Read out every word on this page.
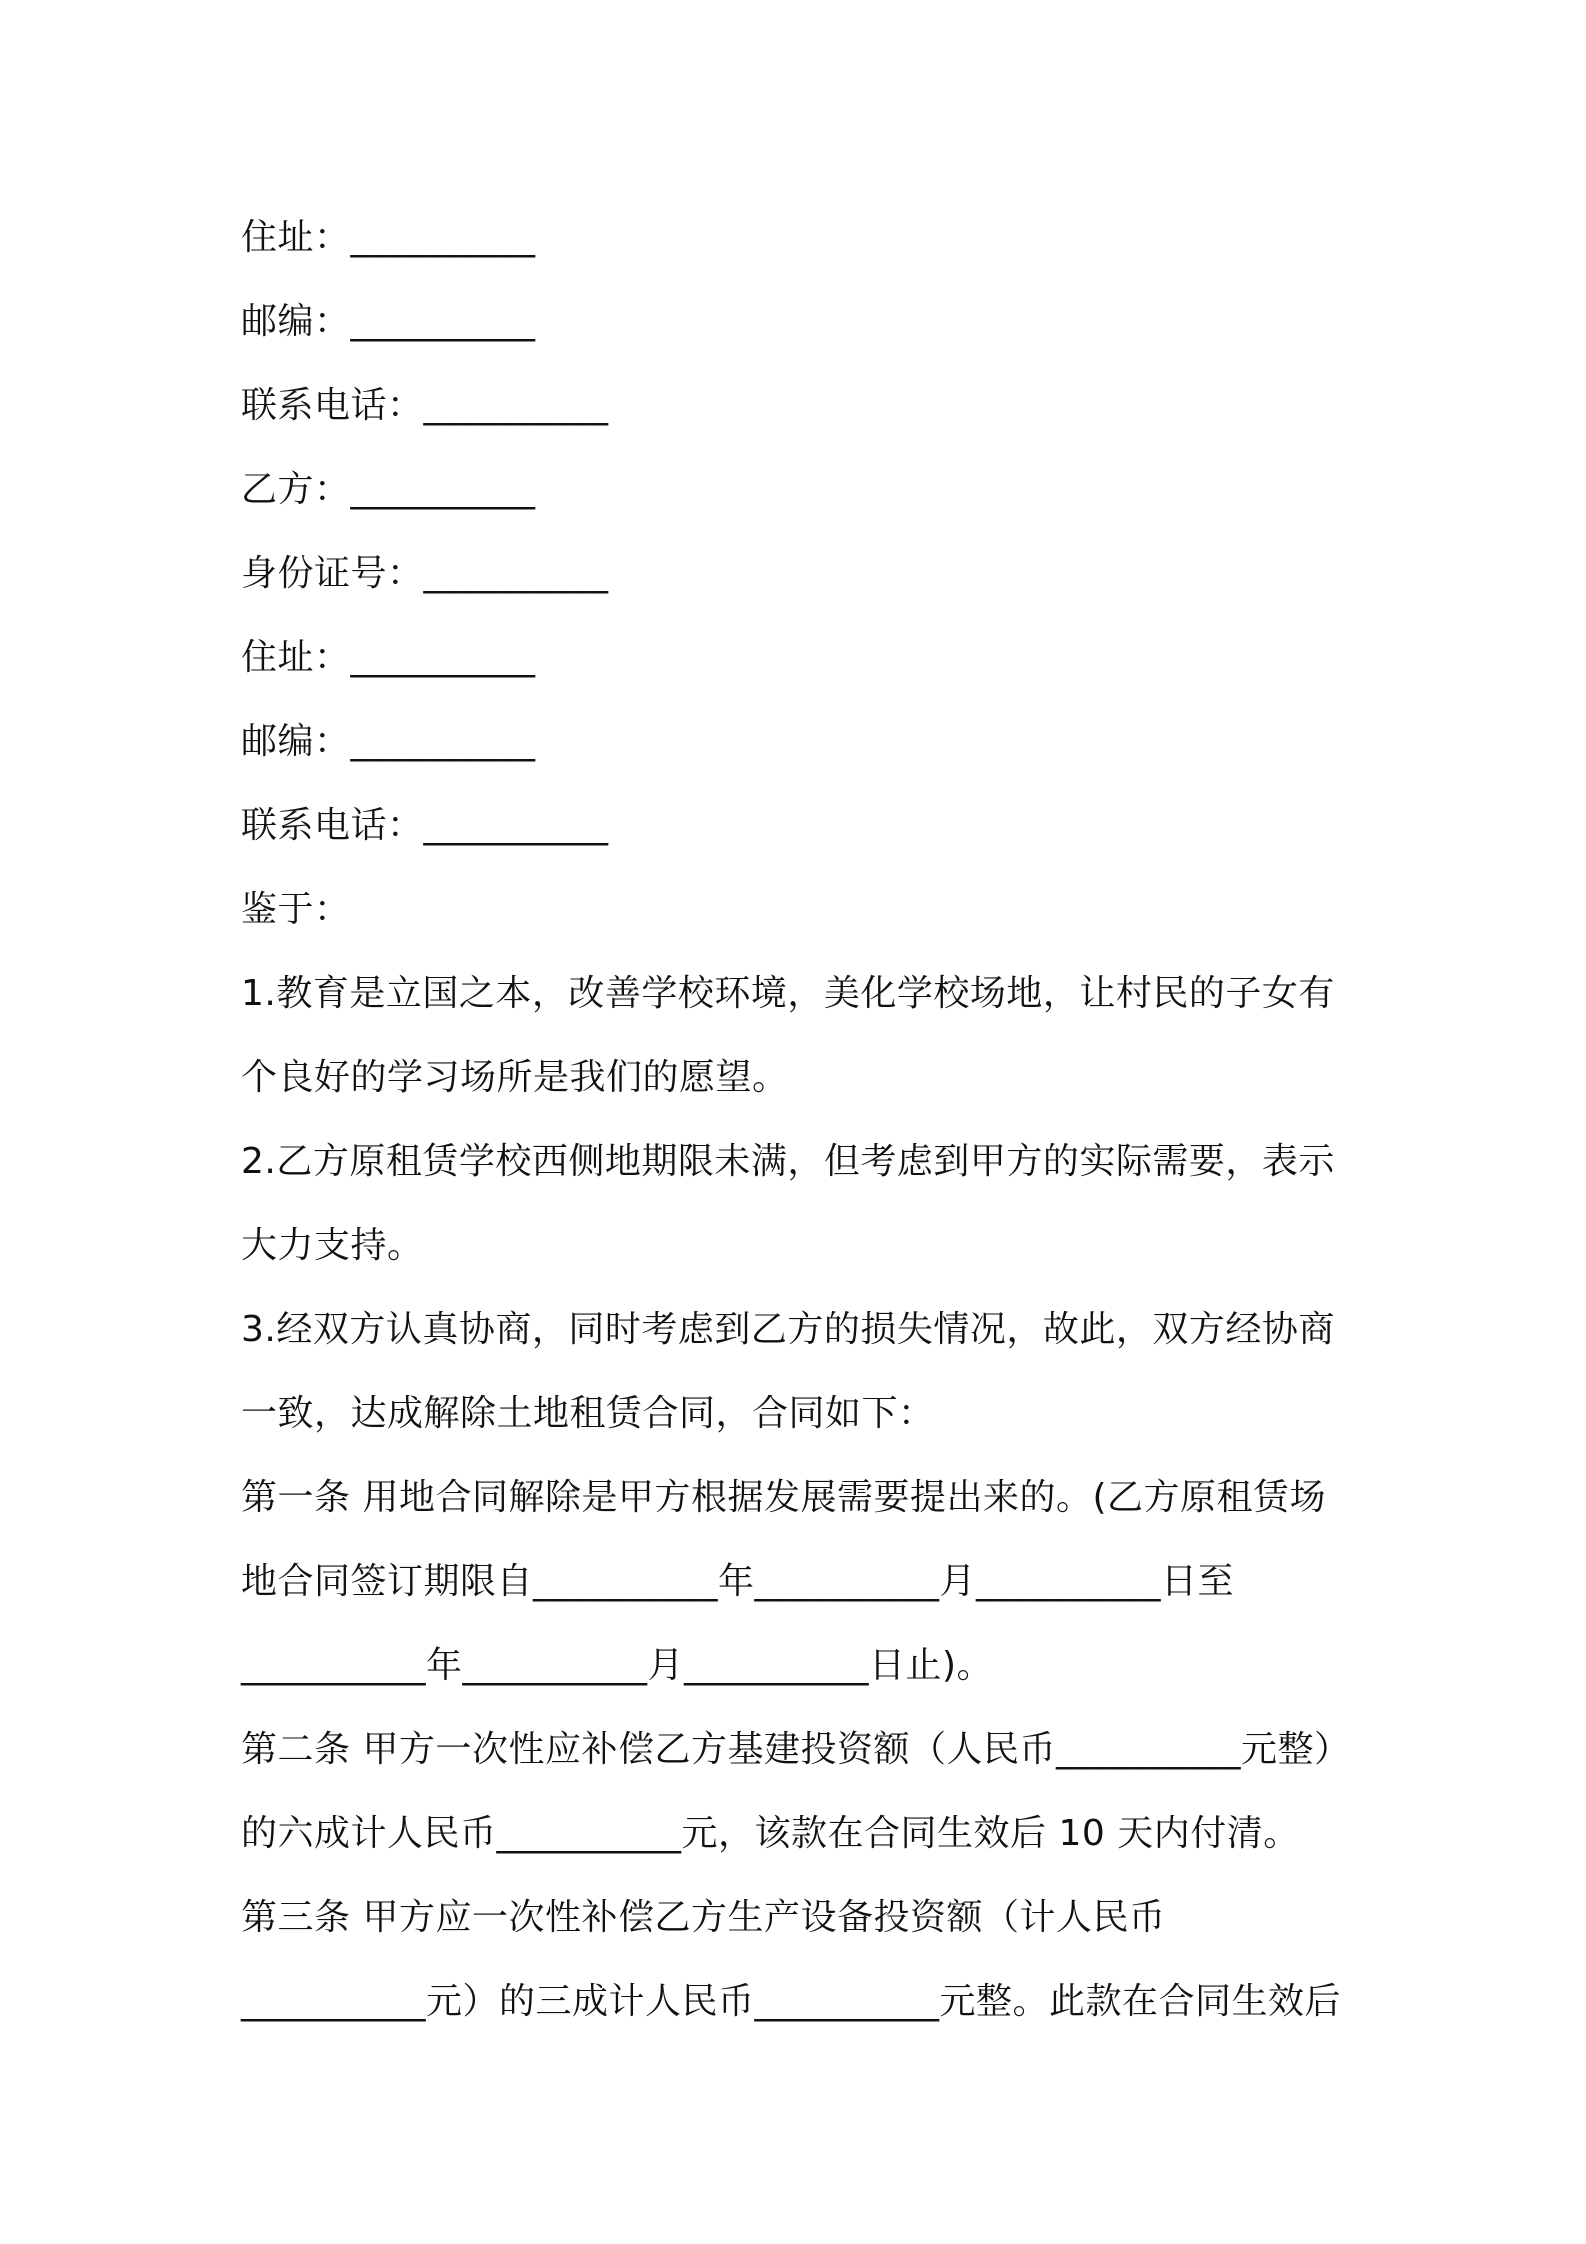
住址：__________
邮编：__________
联系电话：__________
乙方：__________
身份证号：__________
住址：__________
邮编：__________
联系电话：__________
鉴于：
1.教育是立国之本，改善学校环境，美化学校场地，让村民的子女有
个良好的学习场所是我们的愿望。
2.乙方原租赁学校西侧地期限未满，但考虑到甲方的实际需要，表示
大力支持。
3.经双方认真协商，同时考虑到乙方的损失情况，故此，双方经协商
一致，达成解除土地租赁合同，合同如下：
第一条 用地合同解除是甲方根据发展需要提出来的。(乙方原租赁场
地合同签订期限自__________年__________月__________日至
__________年__________月__________日止)。
第二条 甲方一次性应补偿乙方基建投资额（人民币__________元整）
的六成计人民币__________元，该款在合同生效后 10 天内付清。
第三条 甲方应一次性补偿乙方生产设备投资额（计人民币
__________元）的三成计人民币__________元整。此款在合同生效后
